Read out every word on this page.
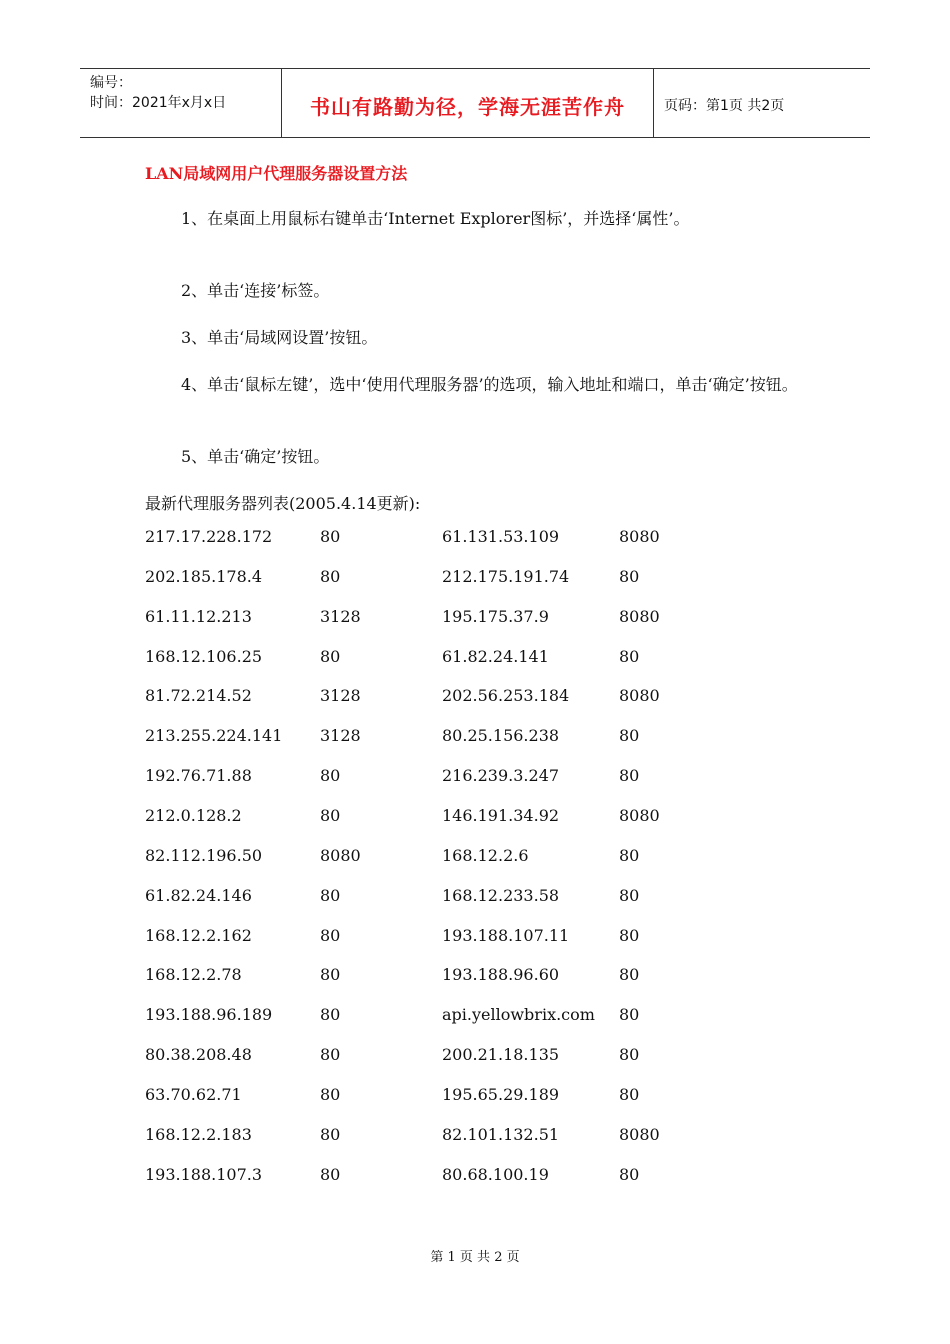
编号：
时间：2021年x月x日	书山有路勤为径，学海无涯苦作舟	页码：第1页 共2页
LAN局域网用户代理服务器设置方法
1、在桌面上用鼠标右键单击‘Internet Explorer图标’，并选择‘属性’。
2、单击‘连接’标签。
3、单击‘局域网设置’按钮。
4、单击‘鼠标左键’，选中‘使用代理服务器’的选项，输入地址和端口，单击‘确定’按钮。
5、单击‘确定’按钮。
最新代理服务器列表(2005.4.14更新):
217.17.228.172	80	61.131.53.109	8080
202.185.178.4	80	212.175.191.74	80
61.11.12.213	3128	195.175.37.9	8080
168.12.106.25	80	61.82.24.141	80
81.72.214.52	3128	202.56.253.184	8080
213.255.224.141 3128	80.25.156.238	80
192.76.71.88	80	216.239.3.247	80
212.0.128.2	80	146.191.34.92	8080
82.112.196.50	8080	168.12.2.6	80
61.82.24.146	80	168.12.233.58	80
168.12.2.162	80	193.188.107.11	80
168.12.2.78	80	193.188.96.60	80
193.188.96.189	80	api.yellowbrix.com 80
80.38.208.48	80	200.21.18.135	80
63.70.62.71	80	195.65.29.189	80
168.12.2.183	80	82.101.132.51	8080
193.188.107.3	80	80.68.100.19	80
第 1 页 共 2 页
